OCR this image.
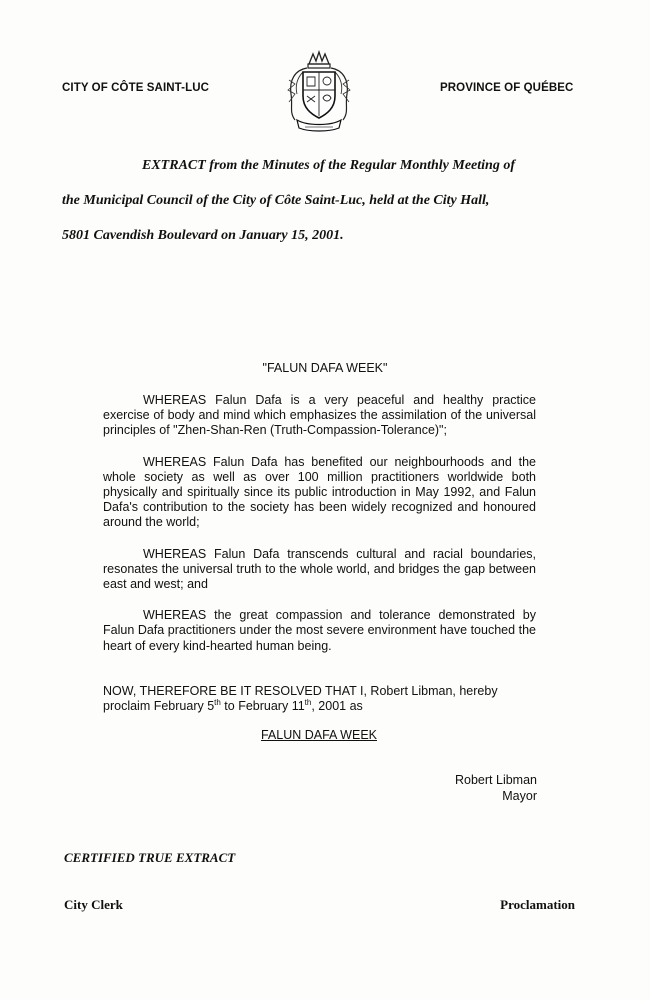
CITY OF CÔTE SAINT-LUC	PROVINCE OF QUÉBEC
EXTRACT from the Minutes of the Regular Monthly Meeting of
the Municipal Council of the City of Côte Saint-Luc, held at the City Hall,
5801 Cavendish Boulevard on January 15, 2001.
"FALUN DAFA WEEK"

WHEREAS Falun Dafa is a very peaceful and healthy practice exercise of body and mind which emphasizes the assimilation of the universal principles of "Zhen-Shan-Ren (Truth-Compassion-Tolerance)";

WHEREAS Falun Dafa has benefited our neighbourhoods and the whole society as well as over 100 million practitioners worldwide both physically and spiritually since its public introduction in May 1992, and Falun Dafa's contribution to the society has been widely recognized and honoured around the world;

WHEREAS Falun Dafa transcends cultural and racial boundaries, resonates the universal truth to the whole world, and bridges the gap between east and west; and

WHEREAS the great compassion and tolerance demonstrated by Falun Dafa practitioners under the most severe environment have touched the heart of every kind-hearted human being.

NOW, THEREFORE BE IT RESOLVED THAT I, Robert Libman, hereby proclaim February 5th to February 11th, 2001 as

FALUN DAFA WEEK
Robert Libman
Mayor
CERTIFIED TRUE EXTRACT
City Clerk	Proclamation
